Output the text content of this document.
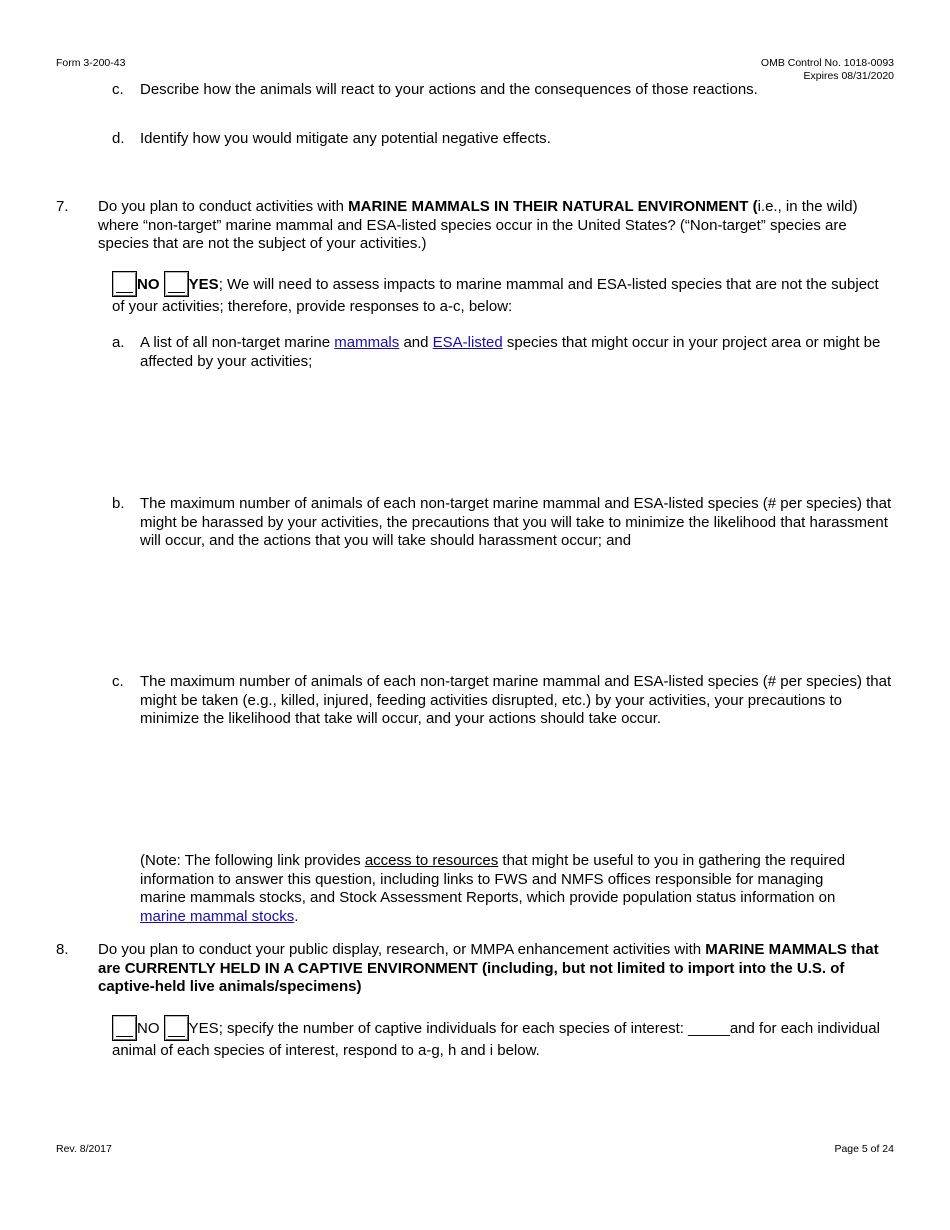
Form 3-200-43	OMB Control No. 1018-0093
Expires 08/31/2020
c. Describe how the animals will react to your actions and the consequences of those reactions.
d. Identify how you would mitigate any potential negative effects.
7. Do you plan to conduct activities with MARINE MAMMALS IN THEIR NATURAL ENVIRONMENT (i.e., in the wild) where “non-target” marine mammal and ESA-listed species occur in the United States? (“Non-target” species are species that are not the subject of your activities.)
NO YES; We will need to assess impacts to marine mammal and ESA-listed species that are not the subject of your activities; therefore, provide responses to a-c, below:
a. A list of all non-target marine mammals and ESA-listed species that might occur in your project area or might be affected by your activities;
b. The maximum number of animals of each non-target marine mammal and ESA-listed species (# per species) that might be harassed by your activities, the precautions that you will take to minimize the likelihood that harassment will occur, and the actions that you will take should harassment occur; and
c. The maximum number of animals of each non-target marine mammal and ESA-listed species (# per species) that might be taken (e.g., killed, injured, feeding activities disrupted, etc.) by your activities, your precautions to minimize the likelihood that take will occur, and your actions should take occur.
(Note: The following link provides access to resources that might be useful to you in gathering the required information to answer this question, including links to FWS and NMFS offices responsible for managing marine mammals stocks, and Stock Assessment Reports, which provide population status information on marine mammal stocks.
8. Do you plan to conduct your public display, research, or MMPA enhancement activities with MARINE MAMMALS that are CURRENTLY HELD IN A CAPTIVE ENVIRONMENT (including, but not limited to import into the U.S. of captive-held live animals/specimens)
NO YES; specify the number of captive individuals for each species of interest: _____and for each individual animal of each species of interest, respond to a-g, h and i below.
Rev. 8/2017	Page 5 of 24
